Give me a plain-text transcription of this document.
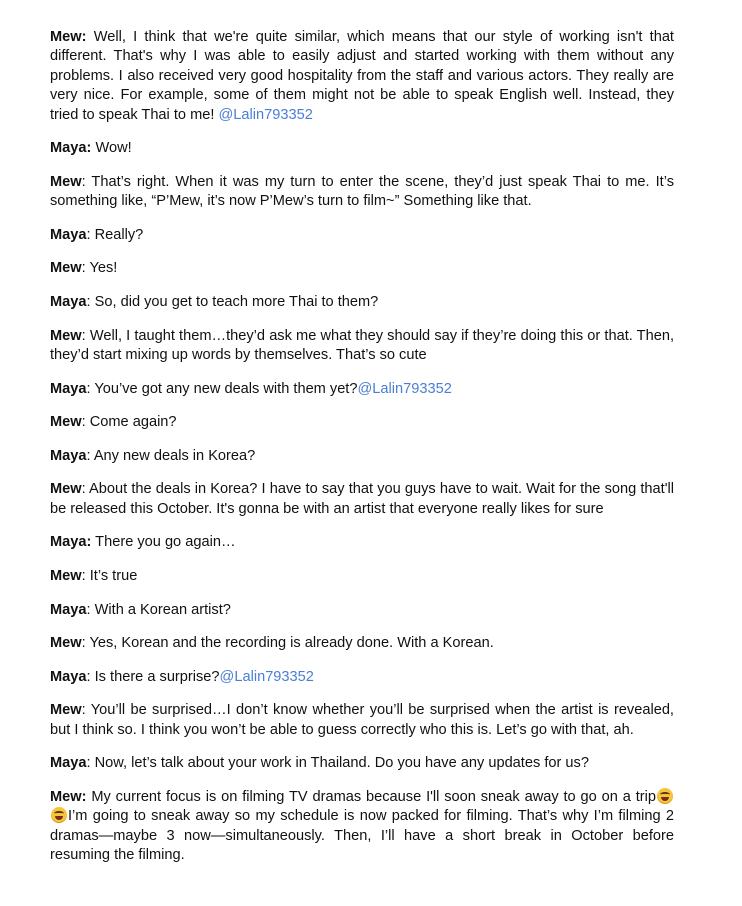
Mew: Well, I think that we're quite similar, which means that our style of working isn't that different. That's why I was able to easily adjust and started working with them without any problems. I also received very good hospitality from the staff and various actors. They really are very nice. For example, some of them might not be able to speak English well. Instead, they tried to speak Thai to me! @Lalin793352

Maya: Wow!

Mew: That’s right. When it was my turn to enter the scene, they’d just speak Thai to me. It’s something like, “P’Mew, it’s now P’Mew’s turn to film~” Something like that.

Maya: Really?

Mew: Yes!

Maya: So, did you get to teach more Thai to them?

Mew: Well, I taught them…they’d ask me what they should say if they’re doing this or that. Then, they’d start mixing up words by themselves. That’s so cute

Maya: You’ve got any new deals with them yet?@Lalin793352

Mew: Come again?

Maya: Any new deals in Korea?

Mew: About the deals in Korea? I have to say that you guys have to wait. Wait for the song that'll be released this October. It's gonna be with an artist that everyone really likes for sure

Maya: There you go again…

Mew: It’s true

Maya: With a Korean artist?

Mew: Yes, Korean and the recording is already done. With a Korean.

Maya: Is there a surprise?@Lalin793352

Mew: You’ll be surprised…I don’t know whether you’ll be surprised when the artist is revealed, but I think so. I think you won’t be able to guess correctly who this is. Let’s go with that, ah.

Maya: Now, let’s talk about your work in Thailand. Do you have any updates for us?

Mew: My current focus is on filming TV dramas because I'll soon sneak away to go on a tripI’m going to sneak away so my schedule is now packed for filming. That’s why I’m filming 2 dramas—maybe 3 now—simultaneously. Then, I’ll have a short break in October before resuming the filming.
